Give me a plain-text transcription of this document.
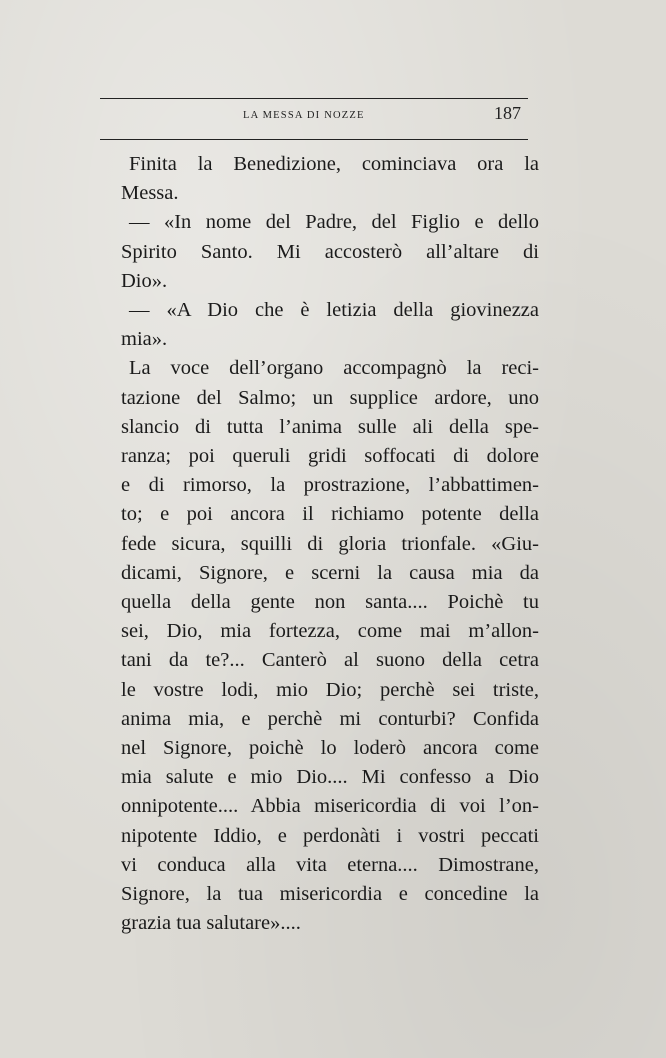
LA MESSA DI NOZZE	187

Finita la Benedizione, cominciava ora la
Messa.

— «In nome del Padre, del Figlio e dello
Spirito Santo. Mi accosterò all’altare di
Dio».

— «A Dio che è letizia della giovinezza
mia».

La voce dell’organo accompagnò la reci-
tazione del Salmo; un supplice ardore, uno
slancio di tutta l’anima sulle ali della spe-
ranza; poi queruli gridi soffocati di dolore
e di rimorso, la prostrazione, l’abbattimen-
to; e poi ancora il richiamo potente della
fede sicura, squilli di gloria trionfale. «Giu-
dicami, Signore, e scerni la causa mia da
quella della gente non santa.... Poichè tu
sei, Dio, mia fortezza, come mai m’allon-
tani da te?... Canterò al suono della cetra
le vostre lodi, mio Dio; perchè sei triste,
anima mia, e perchè mi conturbi? Confida
nel Signore, poichè lo loderò ancora come
mia salute e mio Dio.... Mi confesso a Dio
onnipotente.... Abbia misericordia di voi l’on-
nipotente Iddio, e perdonàti i vostri peccati
vi conduca alla vita eterna.... Dimostrane,
Signore, la tua misericordia e concedine la
grazia tua salutare»....
